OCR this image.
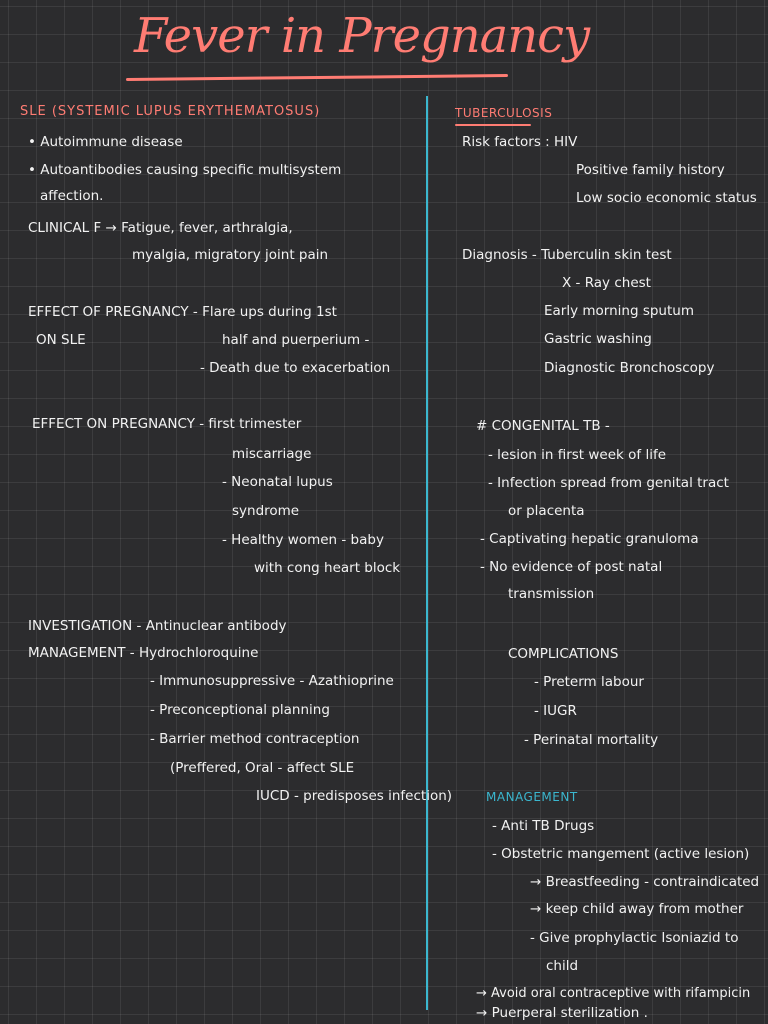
Fever in Pregnancy
SLE (SYSTEMIC LUPUS ERYTHEMATOSUS)
• Autoimmune disease
• Autoantibodies causing specific multisystem
affection.
CLINICAL F → Fatigue, fever, arthralgia,
myalgia, migratory joint pain
EFFECT OF PREGNANCY - Flare ups during 1st
ON SLE	half and puerperium -
- Death due to exacerbation
EFFECT ON PREGNANCY - first trimester
miscarriage
- Neonatal lupus
syndrome
- Healthy women - baby
with cong heart block
INVESTIGATION - Antinuclear antibody
MANAGEMENT - Hydrochloroquine
- Immunosuppressive - Azathioprine
- Preconceptional planning
- Barrier method contraception
(Preffered, Oral - affect SLE
IUCD - predisposes infection)
TUBERCULOSIS
Risk factors : HIV
Positive family history
Low socio economic status
Diagnosis - Tuberculin skin test
X - Ray chest
Early morning sputum
Gastric washing
Diagnostic Bronchoscopy
# CONGENITAL TB -
- lesion in first week of life
- Infection spread from genital tract
or placenta
- Captivating hepatic granuloma
- No evidence of post natal
transmission
COMPLICATIONS
- Preterm labour
- IUGR
- Perinatal mortality
MANAGEMENT
- Anti TB Drugs
- Obstetric mangement (active lesion)
→ Breastfeeding - contraindicated
→ keep child away from mother
- Give prophylactic Isoniazid to
child
→ Avoid oral contraceptive with rifampicin
→ Puerperal sterilization .
